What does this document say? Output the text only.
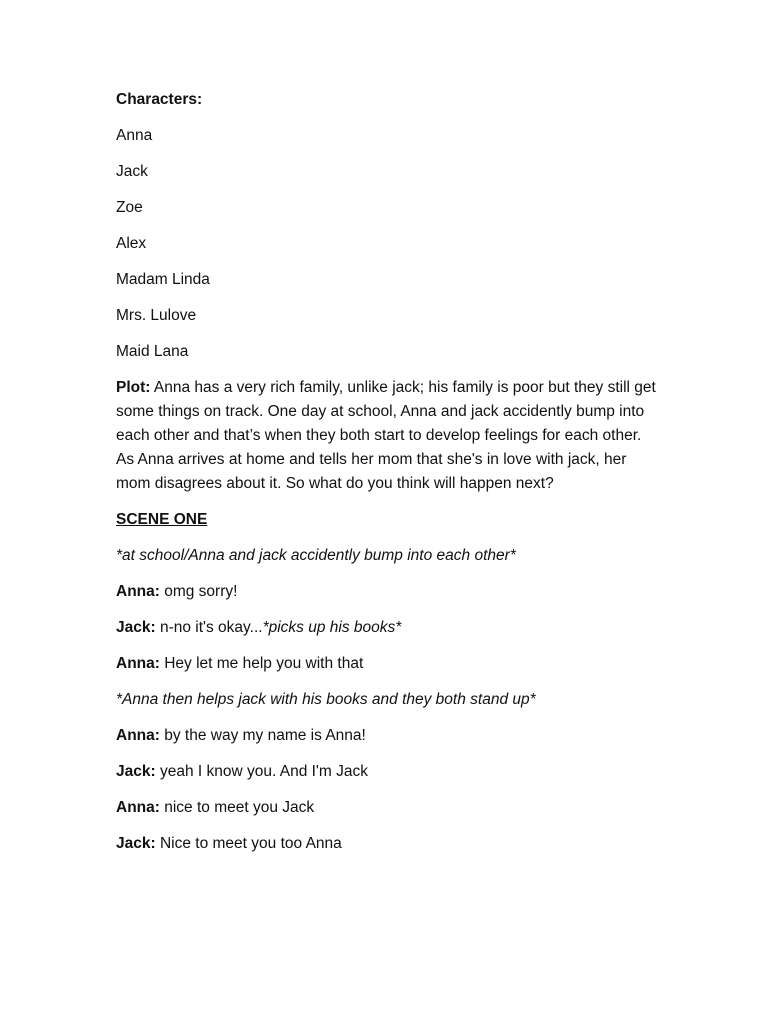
Characters:

Anna

Jack

Zoe

Alex

Madam Linda

Mrs. Lulove

Maid Lana

Plot: Anna has a very rich family, unlike jack; his family is poor but they still get some things on track. One day at school, Anna and jack accidently bump into each other and that’s when they both start to develop feelings for each other. As Anna arrives at home and tells her mom that she's in love with jack, her mom disagrees about it. So what do you think will happen next?

SCENE ONE

*at school/Anna and jack accidently bump into each other*

Anna: omg sorry!

Jack: n-no it's okay...*picks up his books*

Anna: Hey let me help you with that

*Anna then helps jack with his books and they both stand up*

Anna: by the way my name is Anna!

Jack: yeah I know you. And I'm Jack

Anna: nice to meet you Jack

Jack: Nice to meet you too Anna
